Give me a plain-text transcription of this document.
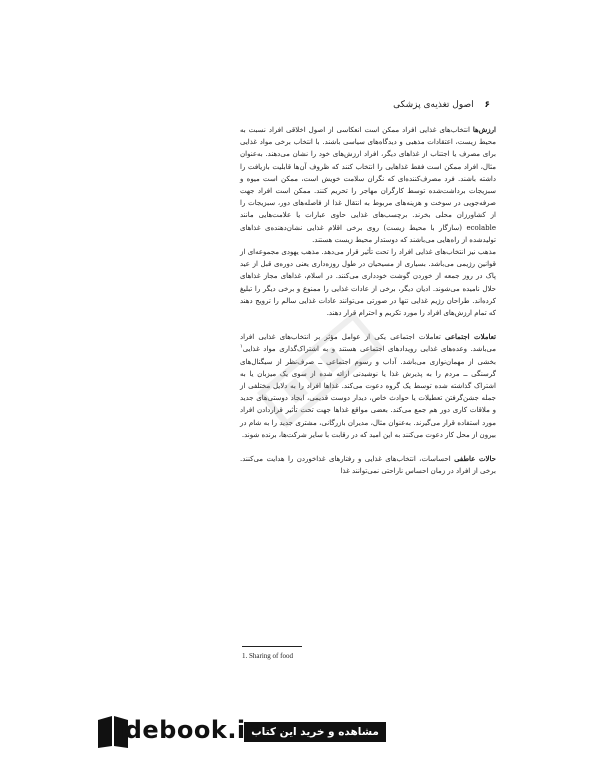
۶ اصول تغذیه‌ی پزشکی

ارزش‌ها انتخاب‌های غذایی افراد ممکن است انعکاسی از اصول اخلاقی افراد نسبت به محیط زیست، اعتقادات مذهبی و دیدگاه‌های سیاسی باشند. با انتخاب برخی مواد غذایی برای مصرف یا اجتناب از غذاهای دیگر، افراد ارزش‌های خود را نشان می‌دهند. به‌عنوان مثال، افراد ممکن است فقط غذاهایی را انتخاب کنند که ظروف آن‌ها قابلیت بازیافت را داشته باشند. فرد مصرف‌کننده‌ای که نگران سلامت خویش است، ممکن است میوه و سبزیجات برداشت‌شده توسط کارگران مهاجر را تحریم کنند. ممکن است افراد جهت صرفه‌جویی در سوخت و هزینه‌های مربوط به انتقال غذا از فاصله‌های دور، سبزیجات را از کشاورزان محلی بخرند. برچسب‌های غذایی حاوی عبارات یا علامت‌هایی مانند ecolable (سازگار با محیط زیست) روی برخی اقلام غذایی نشان‌دهنده‌ی غذاهای تولیدشده از راه‌هایی می‌باشند که دوستدار محیط زیست هستند.

مذهب نیز انتخاب‌های غذایی افراد را تحت تأثیر قرار می‌دهد. مذهب یهودی مجموعه‌ای از قوانین رژیمی می‌باشد. بسیاری از مسیحیان در طول روزه‌داری یعنی دوره‌ی قبل از عید پاک در روز جمعه از خوردن گوشت خودداری می‌کنند. در اسلام، غذاهای مجاز غذاهای حلال نامیده می‌شوند. ادیان دیگر، برخی از عادات غذایی را ممنوع و برخی دیگر را تبلیغ کرده‌اند. طراحان رژیم غذایی تنها در صورتی می‌توانند عادات غذایی سالم را ترویج دهند که تمام ارزش‌های افراد را مورد تکریم و احترام قرار دهند.

تعاملات اجتماعی تعاملات اجتماعی یکی از عوامل مؤثر بر انتخاب‌های غذایی افراد می‌باشد. وعده‌های غذایی رویدادهای اجتماعی هستند و به اشتراک‌گذاری مواد غذایی$^۱$ بخشی از مهمان‌نوازی می‌باشد. آداب و رسوم اجتماعی ــ صرف‌نظر از سیگنال‌های گرسنگی ــ مردم را به پذیرش غذا یا نوشیدنی ارائه شده از سوی یک میزبان یا به اشتراک گذاشته شده توسط یک گروه دعوت می‌کند. غذاها افراد را به دلایل مختلفی از جمله جشن‌گرفتن تعطیلات یا حوادث خاص، دیدار دوست قدیمی، ایجاد دوستی‌های جدید و ملاقات کاری دور هم جمع می‌کند. بعضی مواقع غذاها جهت تحت تأثیر قراردادن افراد مورد استفاده قرار می‌گیرند. به‌عنوان مثال، مدیران بازرگانی، مشتری جدید را به شام در بیرون از محل کار دعوت می‌کنند به این امید که در رقابت با سایر شرکت‌ها، برنده شوند.

حالات عاطفی احساسات، انتخاب‌های غذایی و رفتارهای غذاخوردن را هدایت می‌کنند. برخی از افراد در زمان احساس ناراحتی نمی‌توانند غذا

1. Sharing of food
مشاهده و خرید این کتاب در:
idebook.ir
